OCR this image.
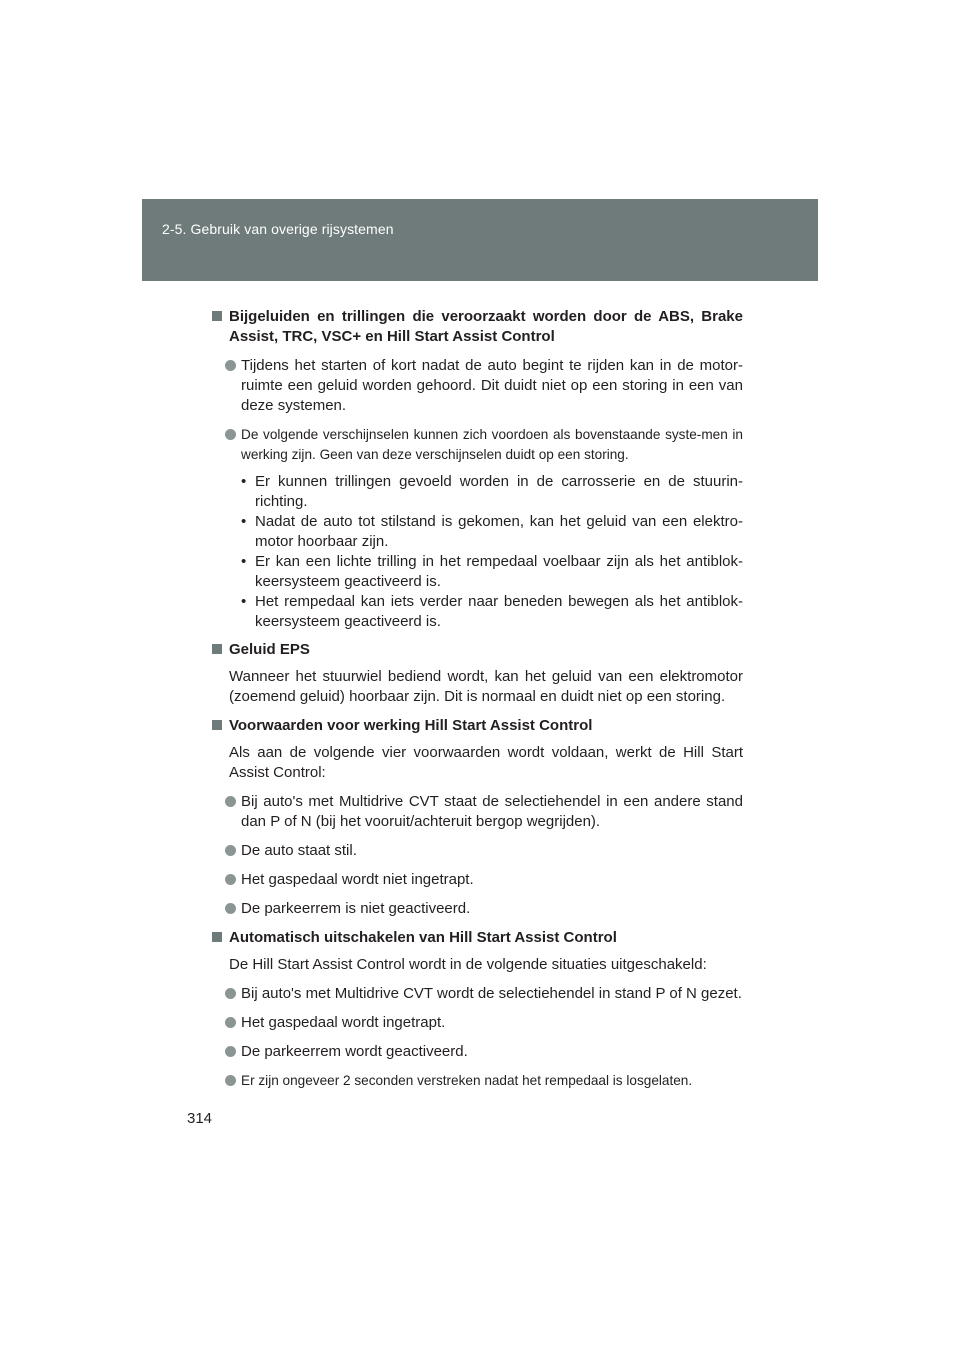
2-5. Gebruik van overige rijsystemen
Bijgeluiden en trillingen die veroorzaakt worden door de ABS, Brake Assist, TRC, VSC+ en Hill Start Assist Control
Tijdens het starten of kort nadat de auto begint te rijden kan in de motor-ruimte een geluid worden gehoord. Dit duidt niet op een storing in een van deze systemen.
De volgende verschijnselen kunnen zich voordoen als bovenstaande syste-men in werking zijn. Geen van deze verschijnselen duidt op een storing.
• Er kunnen trillingen gevoeld worden in de carrosserie en de stuurin-richting.
• Nadat de auto tot stilstand is gekomen, kan het geluid van een elektro-motor hoorbaar zijn.
• Er kan een lichte trilling in het rempedaal voelbaar zijn als het antiblok-keersysteem geactiveerd is.
• Het rempedaal kan iets verder naar beneden bewegen als het antiblok-keersysteem geactiveerd is.
Geluid EPS
Wanneer het stuurwiel bediend wordt, kan het geluid van een elektromotor (zoemend geluid) hoorbaar zijn. Dit is normaal en duidt niet op een storing.
Voorwaarden voor werking Hill Start Assist Control
Als aan de volgende vier voorwaarden wordt voldaan, werkt de Hill Start Assist Control:
Bij auto's met Multidrive CVT staat de selectiehendel in een andere stand dan P of N (bij het vooruit/achteruit bergop wegrijden).
De auto staat stil.
Het gaspedaal wordt niet ingetrapt.
De parkeerrem is niet geactiveerd.
Automatisch uitschakelen van Hill Start Assist Control
De Hill Start Assist Control wordt in de volgende situaties uitgeschakeld:
Bij auto's met Multidrive CVT wordt de selectiehendel in stand P of N gezet.
Het gaspedaal wordt ingetrapt.
De parkeerrem wordt geactiveerd.
Er zijn ongeveer 2 seconden verstreken nadat het rempedaal is losgelaten.
314
